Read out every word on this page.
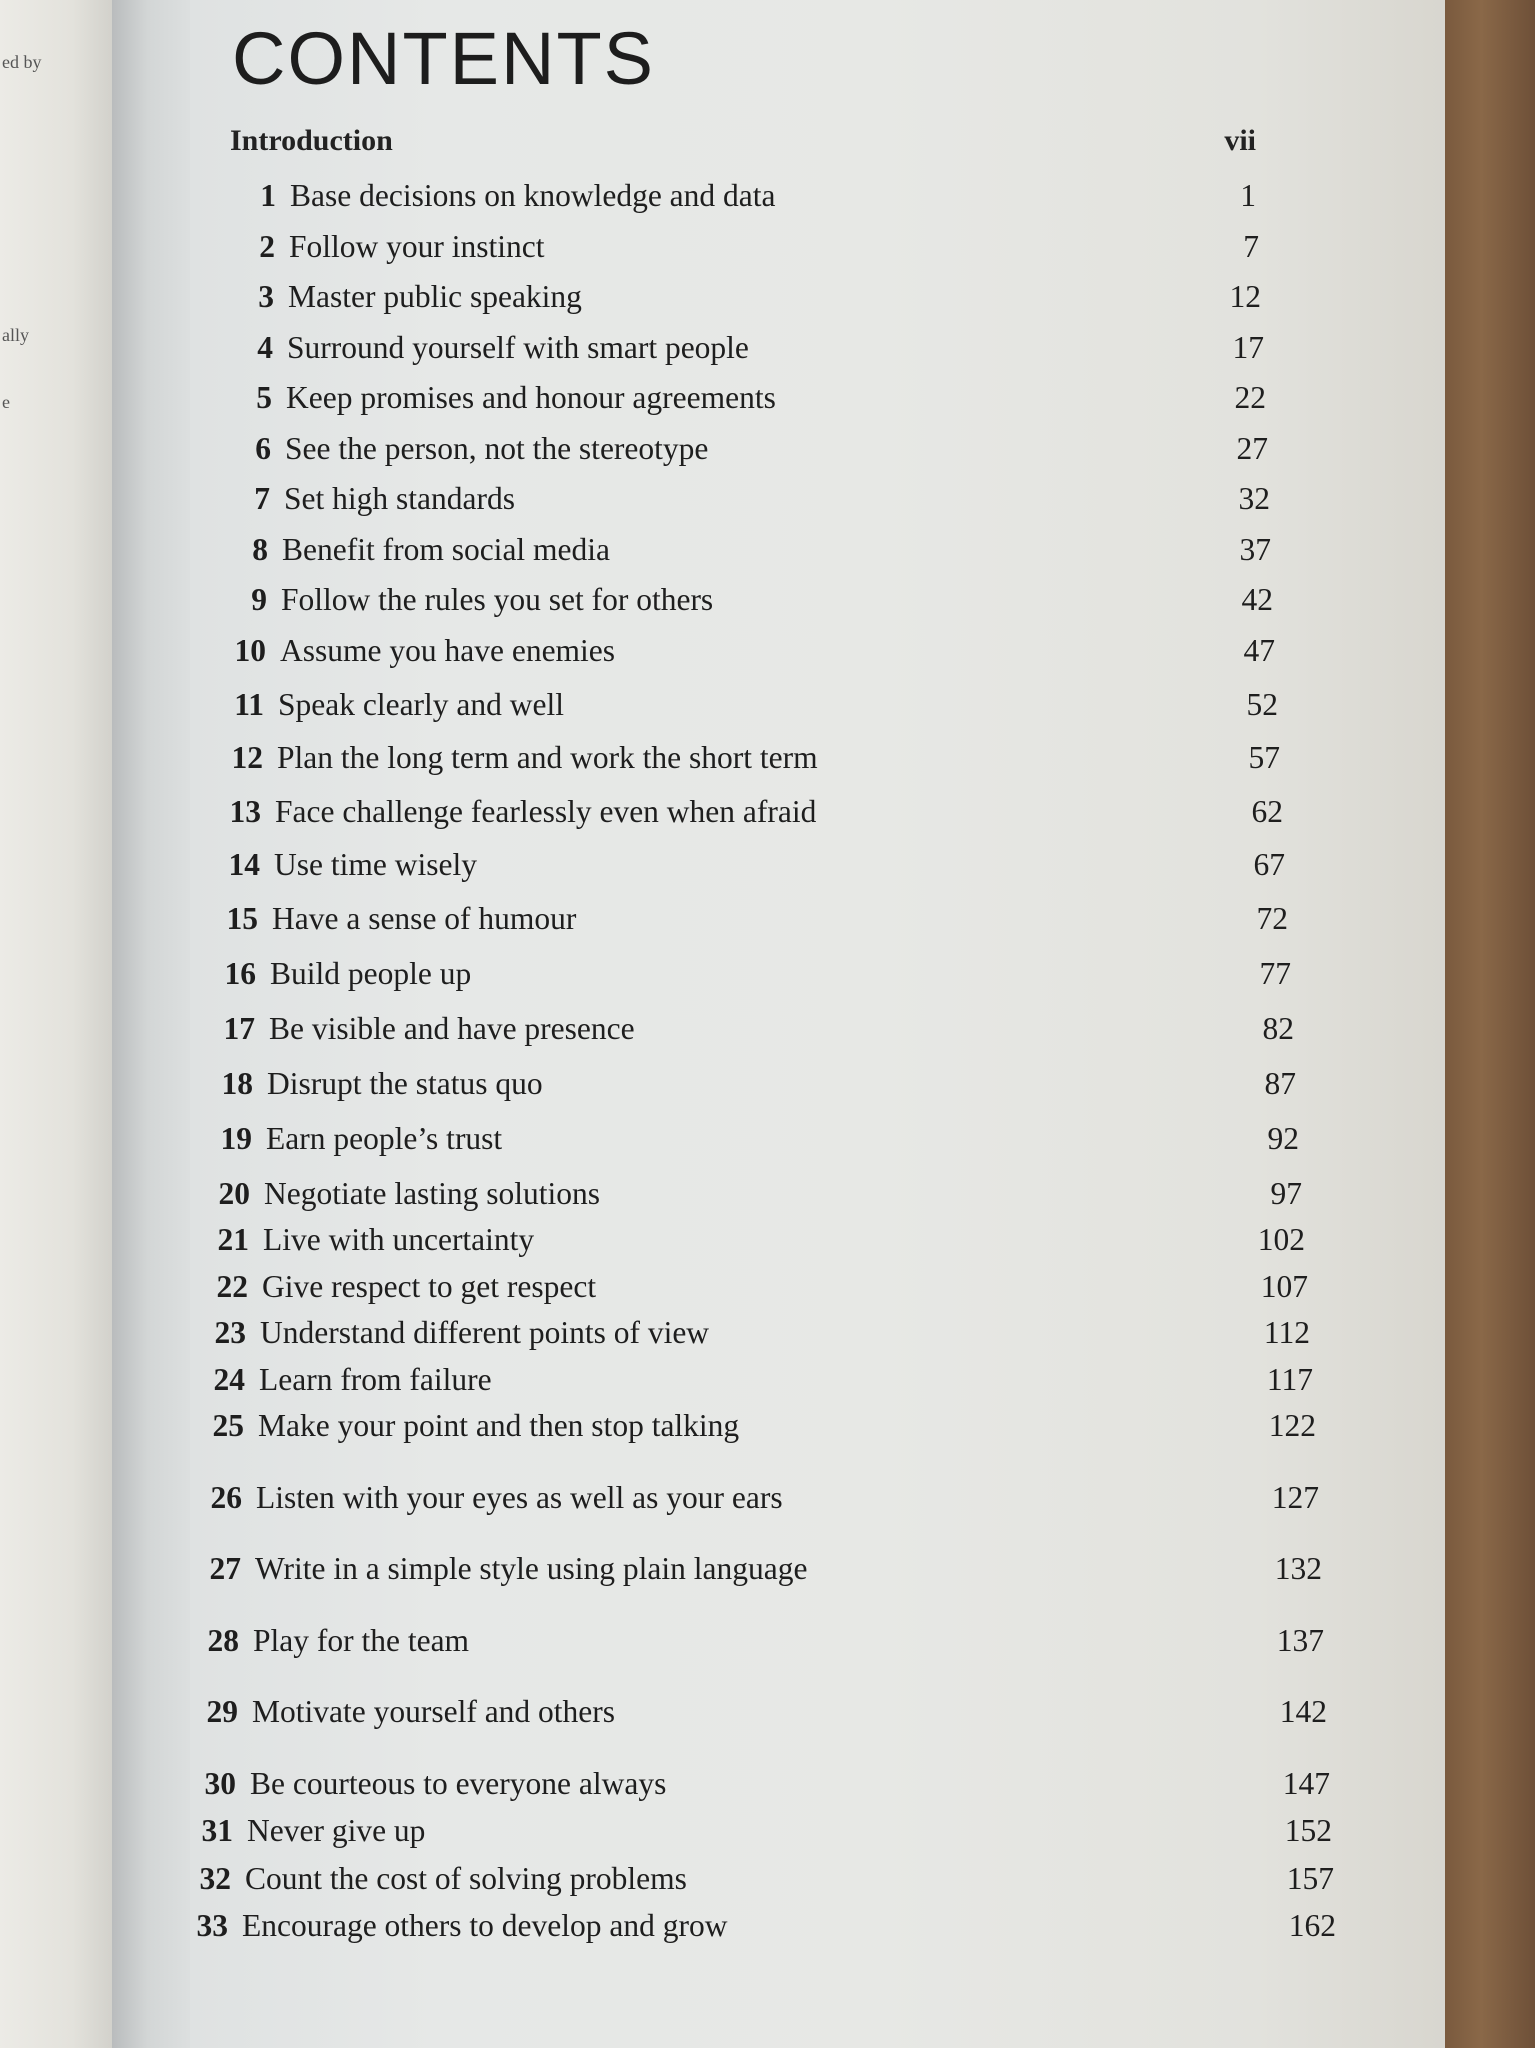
ed by
ally
e
CONTENTS
Introduction	vii
1 Base decisions on knowledge and data	1
2 Follow your instinct	7
3 Master public speaking	12
4 Surround yourself with smart people	17
5 Keep promises and honour agreements	22
6 See the person, not the stereotype	27
7 Set high standards	32
8 Benefit from social media	37
9 Follow the rules you set for others	42
10 Assume you have enemies	47
11 Speak clearly and well	52
12 Plan the long term and work the short term	57
13 Face challenge fearlessly even when afraid	62
14 Use time wisely	67
15 Have a sense of humour	72
16 Build people up	77
17 Be visible and have presence	82
18 Disrupt the status quo	87
19 Earn people’s trust	92
20 Negotiate lasting solutions	97
21 Live with uncertainty	102
22 Give respect to get respect	107
23 Understand different points of view	112
24 Learn from failure	117
25 Make your point and then stop talking	122
26 Listen with your eyes as well as your ears	127
27 Write in a simple style using plain language	132
28 Play for the team	137
29 Motivate yourself and others	142
30 Be courteous to everyone always	147
31 Never give up	152
32 Count the cost of solving problems	157
33 Encourage others to develop and grow	162
